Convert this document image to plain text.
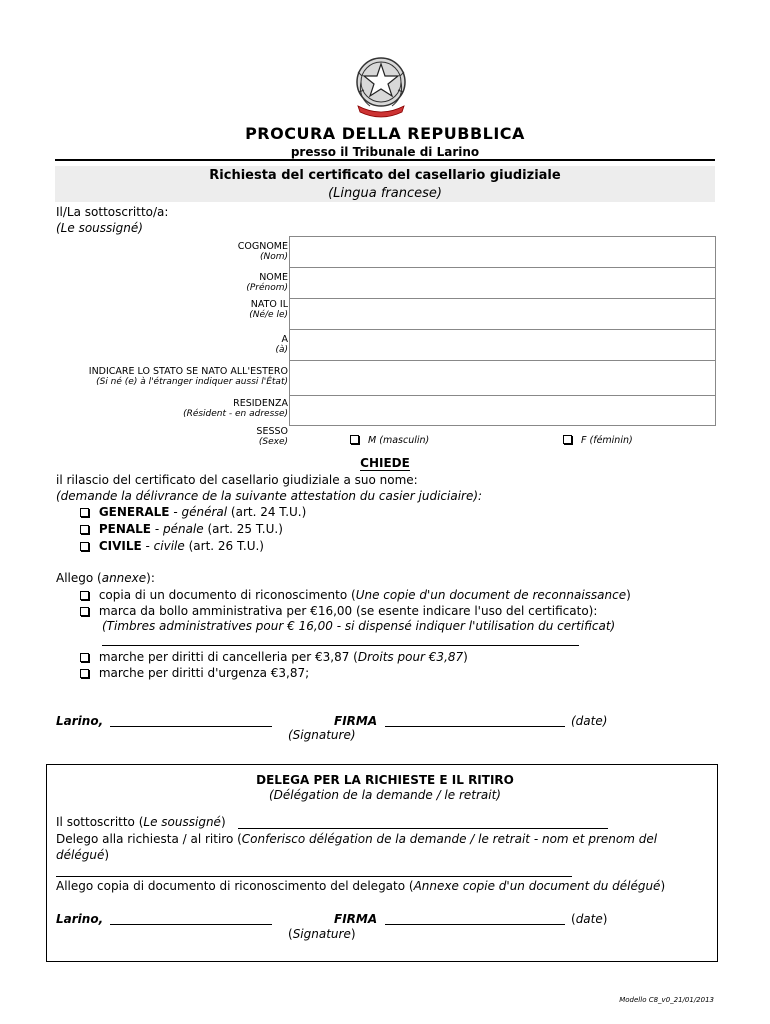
PROCURA DELLA REPUBBLICA
presso il Tribunale di Larino
Richiesta del certificato del casellario giudiziale
(Lingua francese)
Il/La sottoscritto/a:
(Le soussigné)
COGNOME
(Nom)
NOME
(Prénom)
NATO IL
(Né/e le)
A
(à)
INDICARE LO STATO SE NATO ALL'ESTERO
(Si né (e) à l'étranger indiquer aussi l'État)
RESIDENZA
(Résident - en adresse)
SESSO
(Sexe)	M (masculin)	F (féminin)
CHIEDE
il rilascio del certificato del casellario giudiziale a suo nome:
(demande la délivrance de la suivante attestation du casier judiciaire):
GENERALE - général (art. 24 T.U.)
PENALE - pénale (art. 25 T.U.)
CIVILE - civile (art. 26 T.U.)
Allego (annexe):
copia di un documento di riconoscimento (Une copie d'un document de reconnaissance)
marca da bollo amministrativa per €16,00 (se esente indicare l'uso del certificato):
(Timbres administratives pour € 16,00 - si dispensé indiquer l'utilisation du certificat)
marche per diritti di cancelleria per €3,87 (Droits pour €3,87)
marche per diritti d'urgenza €3,87;
Larino,	FIRMA	(date)
(Signature)
DELEGA PER LA RICHIESTE E IL RITIRO
(Délégation de la demande / le retrait)
Il sottoscritto (Le soussigné)
Delego alla richiesta / al ritiro (Conferisco délégation de la demande / le retrait - nom et prenom del
délégué)
Allego copia di documento di riconoscimento del delegato (Annexe copie d'un document du délégué)
Larino,	FIRMA	(date)
(Signature)
Modello C8_v0_21/01/2013
